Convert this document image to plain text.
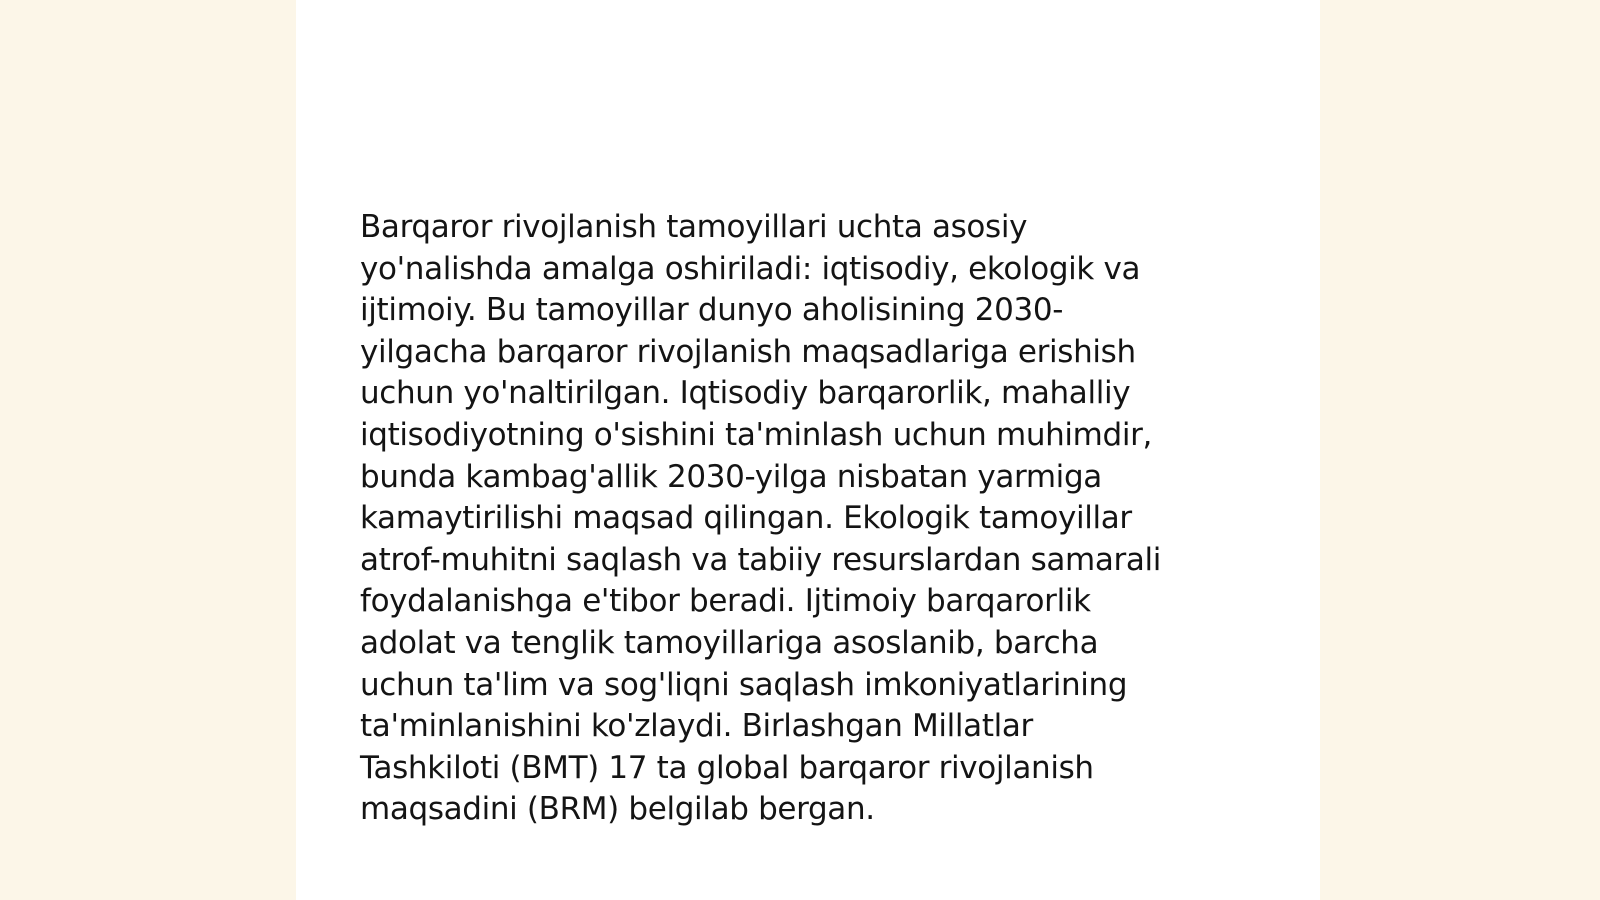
Barqaror rivojlanish tamoyillari uchta asosiy
yo'nalishda amalga oshiriladi: iqtisodiy, ekologik va
ijtimoiy. Bu tamoyillar dunyo aholisining 2030-
yilgacha barqaror rivojlanish maqsadlariga erishish
uchun yo'naltirilgan. Iqtisodiy barqarorlik, mahalliy
iqtisodiyotning o'sishini ta'minlash uchun muhimdir,
bunda kambag'allik 2030-yilga nisbatan yarmiga
kamaytirilishi maqsad qilingan. Ekologik tamoyillar
atrof-muhitni saqlash va tabiiy resurslardan samarali
foydalanishga e'tibor beradi. Ijtimoiy barqarorlik
adolat va tenglik tamoyillariga asoslanib, barcha
uchun ta'lim va sog'liqni saqlash imkoniyatlarining
ta'minlanishini ko'zlaydi. Birlashgan Millatlar
Tashkiloti (BMT) 17 ta global barqaror rivojlanish
maqsadini (BRM) belgilab bergan.
